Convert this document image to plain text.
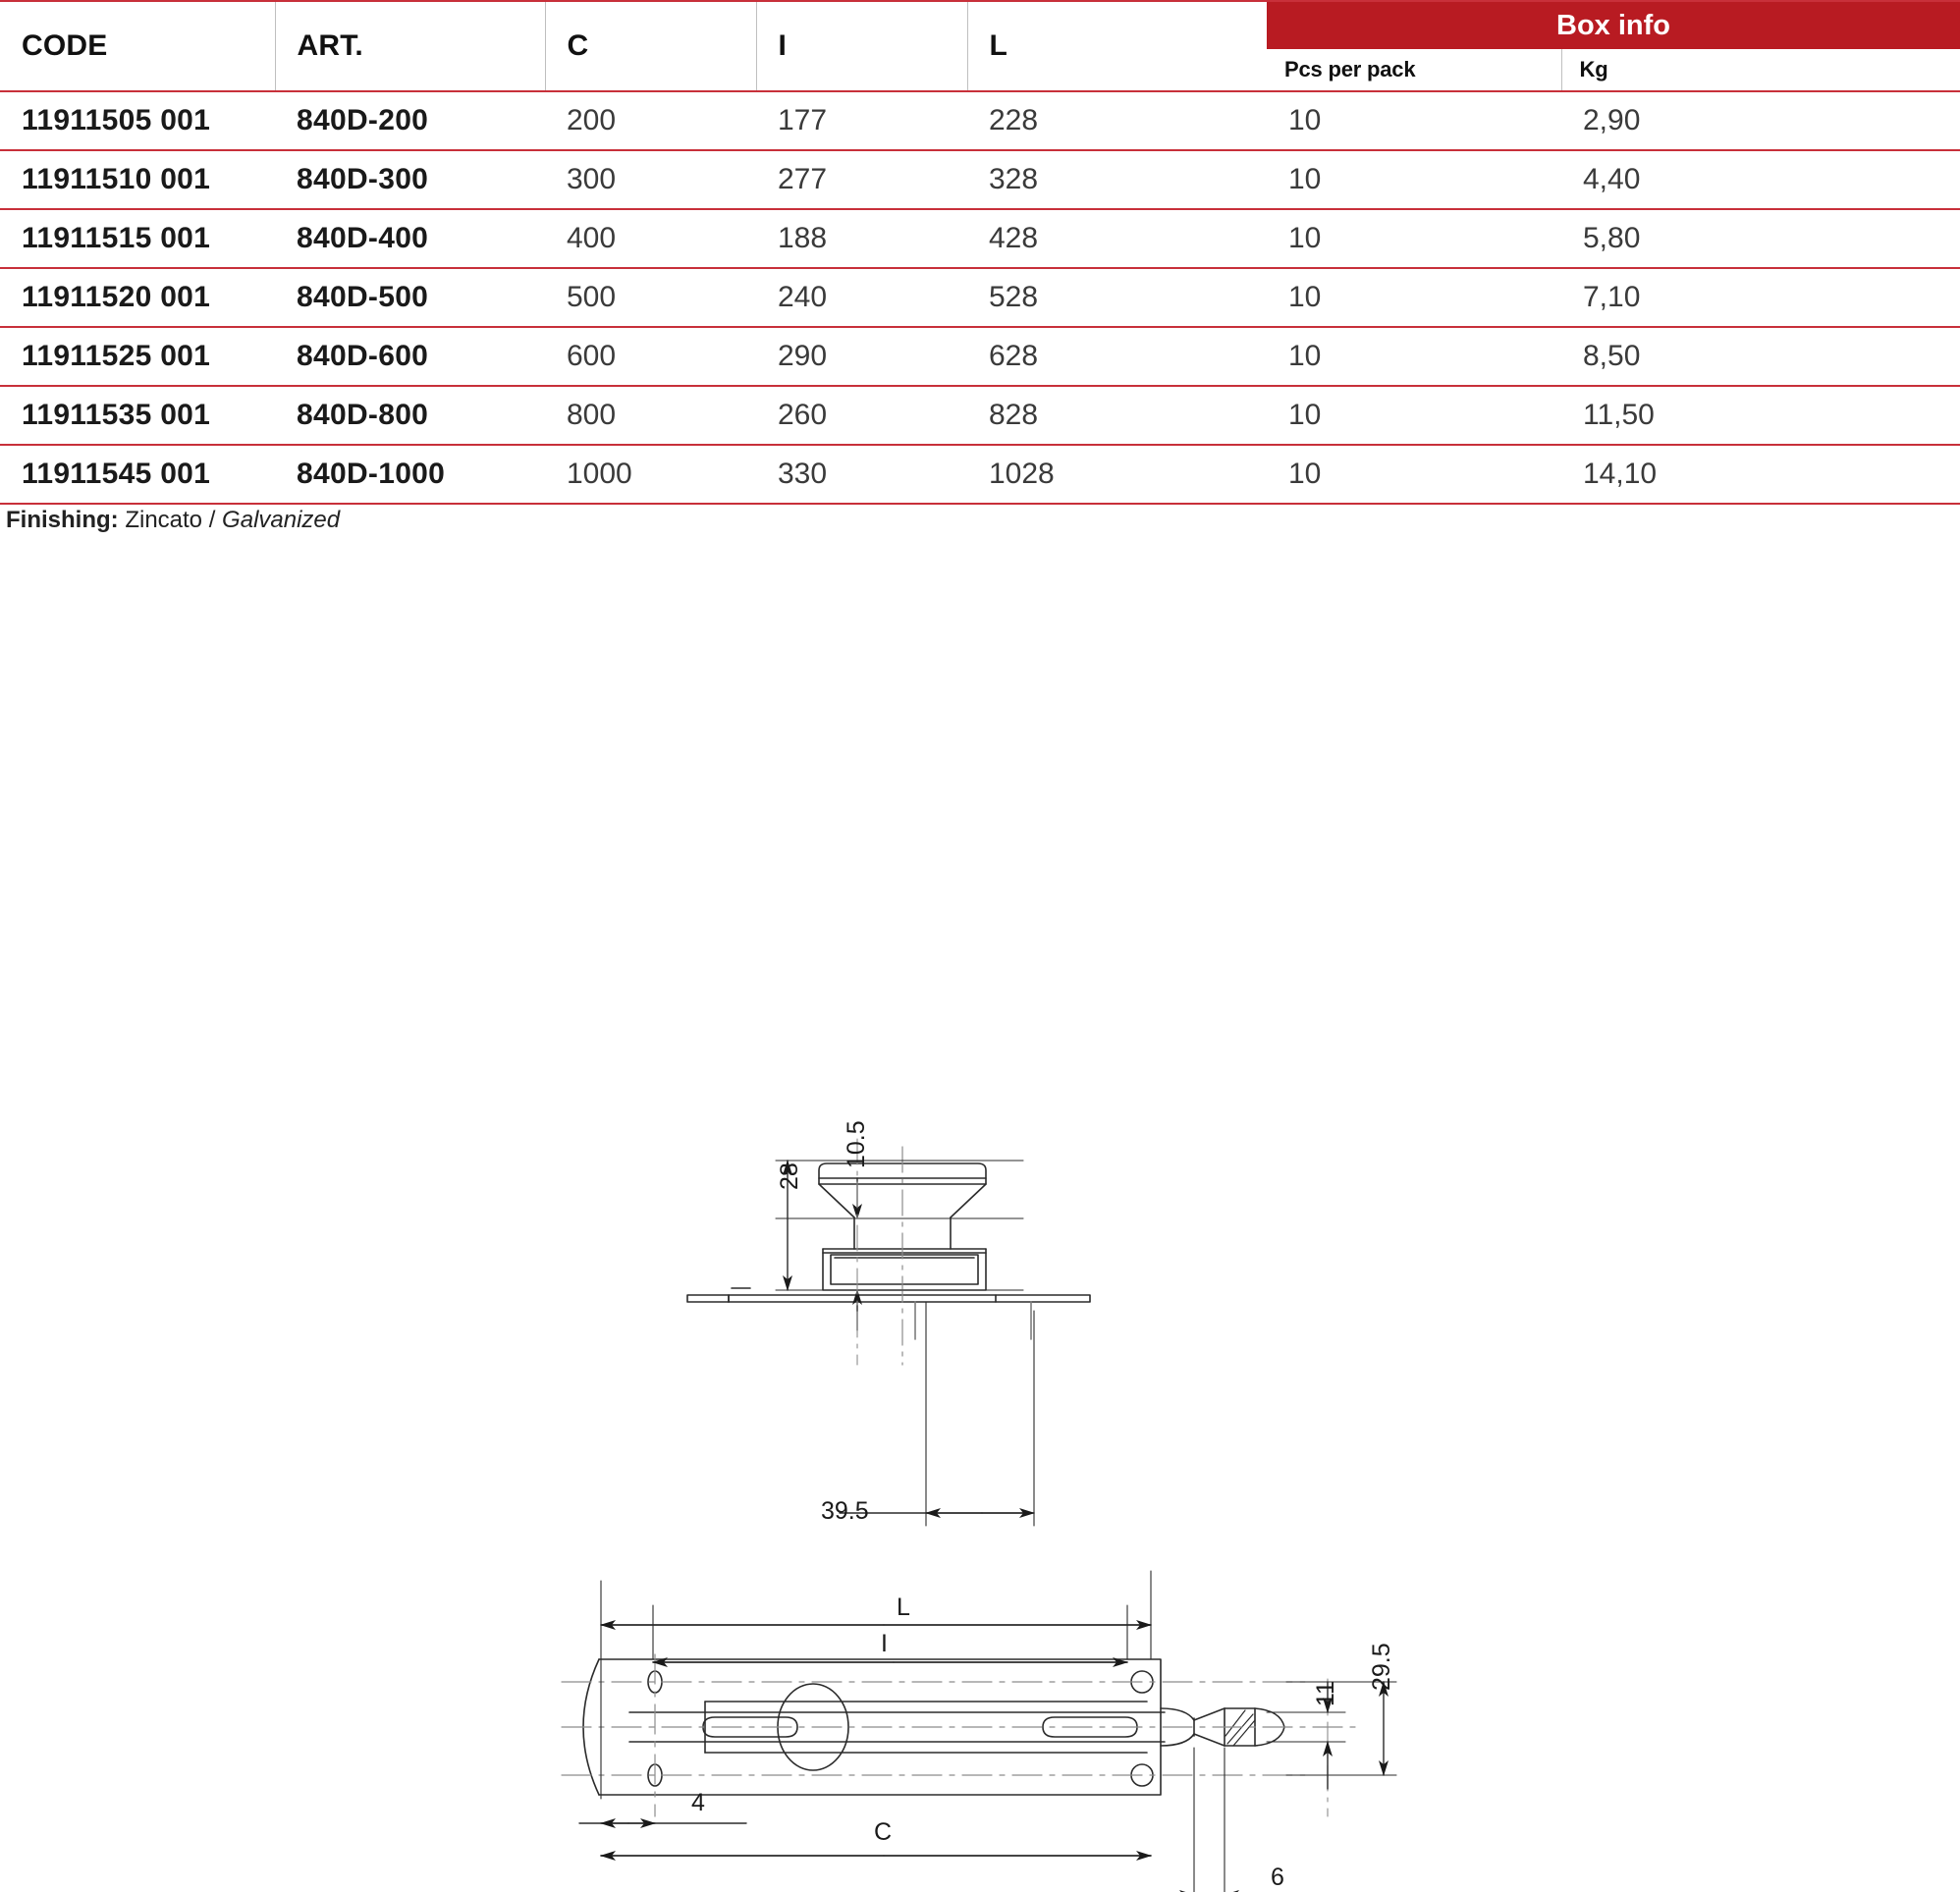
CODE	ART.	C	I	L	Box info	
					Pcs per pack	Kg
11911505 001	840D-200	200	177	228	10	2,90
11911510 001	840D-300	300	277	328	10	4,40
11911515 001	840D-400	400	188	428	10	5,80
11911520 001	840D-500	500	240	528	10	7,10
11911525 001	840D-600	600	290	628	10	8,50
11911535 001	840D-800	800	260	828	10	11,50
11911545 001	840D-1000	1000	330	1028	10	14,10

Finishing: Zincato / Galvanized
10.5
28
39.5
L
I
C
4
11
29.5
6
